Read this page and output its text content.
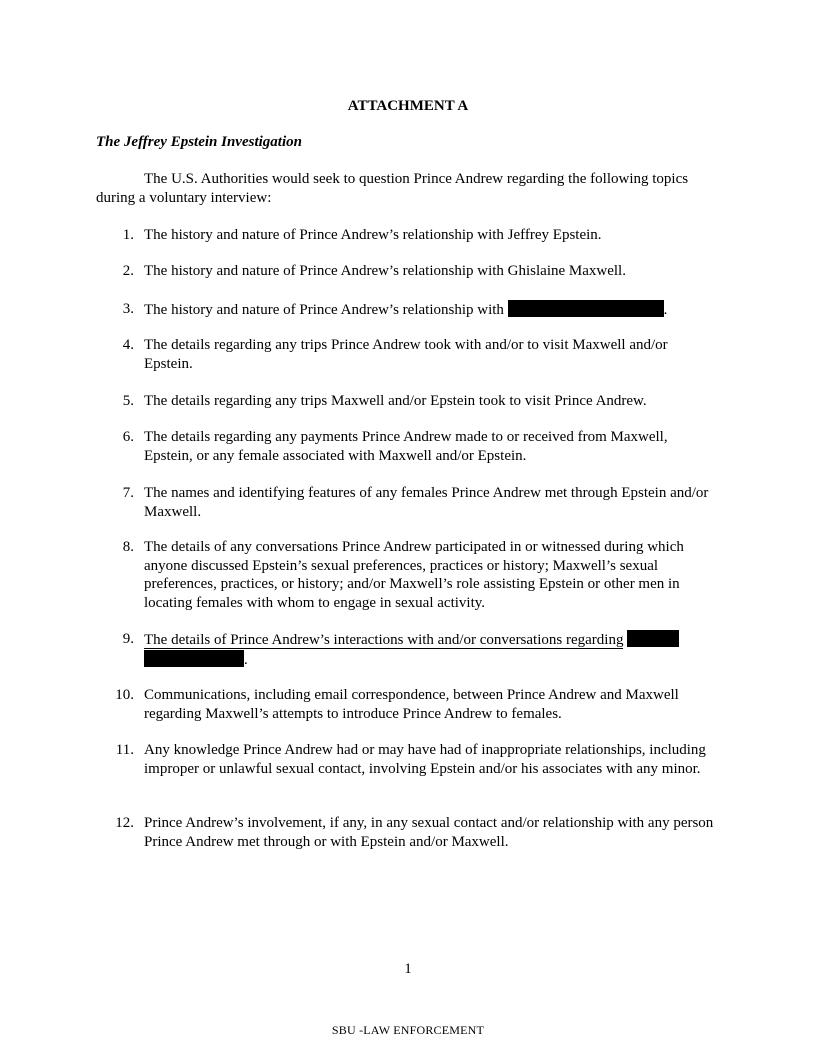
ATTACHMENT A
The Jeffrey Epstein Investigation
The U.S. Authorities would seek to question Prince Andrew regarding the following topics during a voluntary interview:
1. The history and nature of Prince Andrew’s relationship with Jeffrey Epstein.
2. The history and nature of Prince Andrew’s relationship with Ghislaine Maxwell.
3. The history and nature of Prince Andrew’s relationship with	.
4. The details regarding any trips Prince Andrew took with and/or to visit Maxwell and/or Epstein.
5. The details regarding any trips Maxwell and/or Epstein took to visit Prince Andrew.
6. The details regarding any payments Prince Andrew made to or received from Maxwell, Epstein, or any female associated with Maxwell and/or Epstein.
7. The names and identifying features of any females Prince Andrew met through Epstein and/or Maxwell.
8. The details of any conversations Prince Andrew participated in or witnessed during which anyone discussed Epstein’s sexual preferences, practices or history; Maxwell’s sexual preferences, practices, or history; and/or Maxwell’s role assisting Epstein or other men in locating females with whom to engage in sexual activity.
9. The details of Prince Andrew’s interactions with and/or conversations regarding
.
10. Communications, including email correspondence, between Prince Andrew and Maxwell regarding Maxwell’s attempts to introduce Prince Andrew to females.
11. Any knowledge Prince Andrew had or may have had of inappropriate relationships, including improper or unlawful sexual contact, involving Epstein and/or his associates with any minor.
12. Prince Andrew’s involvement, if any, in any sexual contact and/or relationship with any person Prince Andrew met through or with Epstein and/or Maxwell.
1
SBU -LAW ENFORCEMENT
